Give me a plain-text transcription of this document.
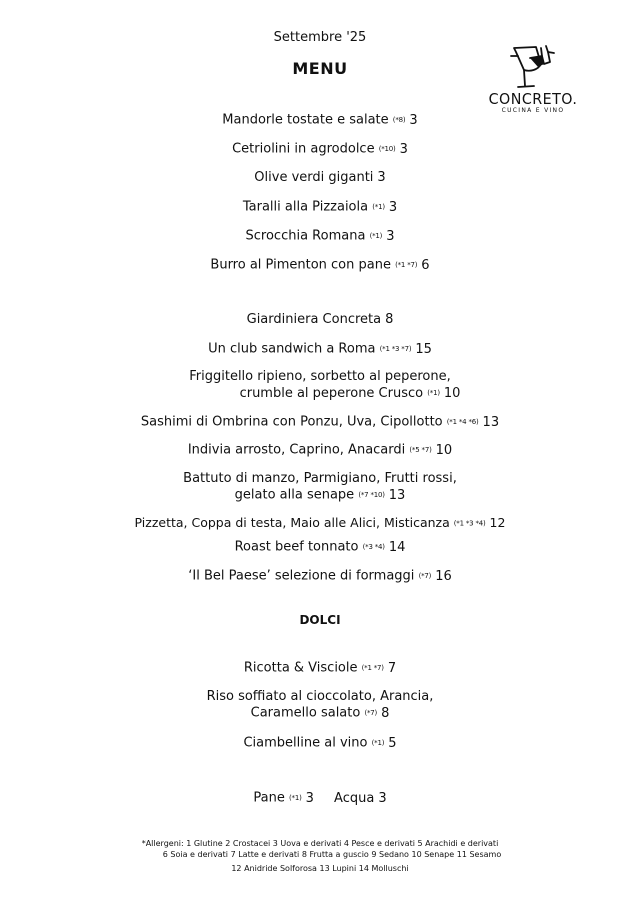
Settembre '25
MENU
CONCRETO.
CUCINA E VINO
Mandorle tostate e salate (*8) 3
Cetriolini in agrodolce (*10) 3
Olive verdi giganti 3
Taralli alla Pizzaiola (*1) 3
Scrocchia Romana (*1) 3
Burro al Pimenton con pane (*1 *7) 6
Giardiniera Concreta 8
Un club sandwich a Roma (*1 *3 *7) 15
Friggitello ripieno, sorbetto al peperone,
crumble al peperone Crusco (*1) 10
Sashimi di Ombrina con Ponzu, Uva, Cipollotto (*1 *4 *6) 13
Indivia arrosto, Caprino, Anacardi (*5 *7) 10
Battuto di manzo, Parmigiano, Frutti rossi,
gelato alla senape (*7 *10) 13
Pizzetta, Coppa di testa, Maio alle Alici, Misticanza (*1 *3 *4) 12
Roast beef tonnato (*3 *4) 14
‘Il Bel Paese’ selezione di formaggi (*7) 16
DOLCI
Ricotta & Visciole (*1 *7) 7
Riso soffiato al cioccolato, Arancia,
Caramello salato (*7) 8
Ciambelline al vino (*1) 5
Pane (*1) 3 Acqua 3
*Allergeni: 1 Glutine 2 Crostacei 3 Uova e derivati 4 Pesce e derivati 5 Arachidi e derivati
6 Soia e derivati 7 Latte e derivati 8 Frutta a guscio 9 Sedano 10 Senape 11 Sesamo
12 Anidride Solforosa 13 Lupini 14 Molluschi
